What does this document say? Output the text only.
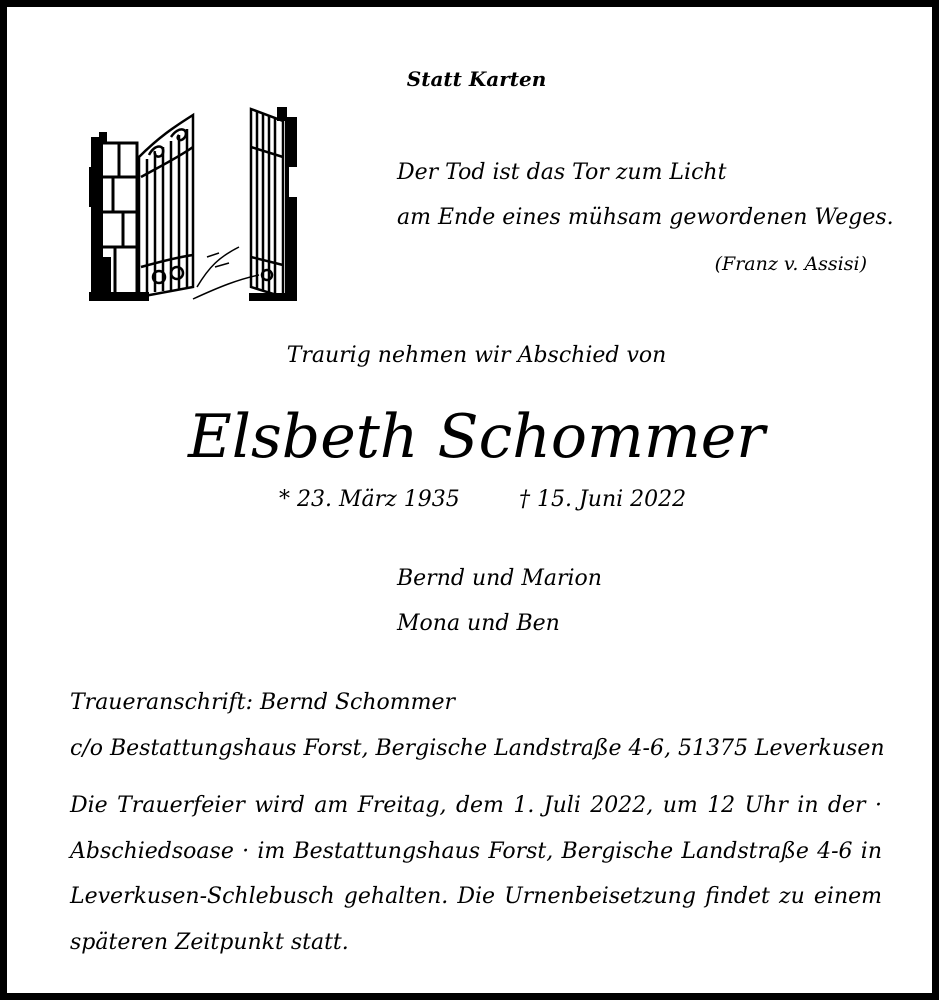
Statt Karten
Der Tod ist das Tor zum Licht
am Ende eines mühsam gewordenen Weges.
(Franz v. Assisi)
Traurig nehmen wir Abschied von
Elsbeth Schommer
* 23. März 1935	† 15. Juni 2022
Bernd und Marion
Mona und Ben
Traueranschrift: Bernd Schommer
c/o Bestattungshaus Forst, Bergische Landstraße 4-6, 51375 Leverkusen
Die Trauerfeier wird am Freitag, dem 1. Juli 2022, um 12 Uhr in der · Abschiedsoase · im Bestattungshaus Forst, Bergische Landstraße 4-6 in Leverkusen-Schlebusch gehalten. Die Urnenbeisetzung findet zu einem späteren Zeitpunkt statt.
